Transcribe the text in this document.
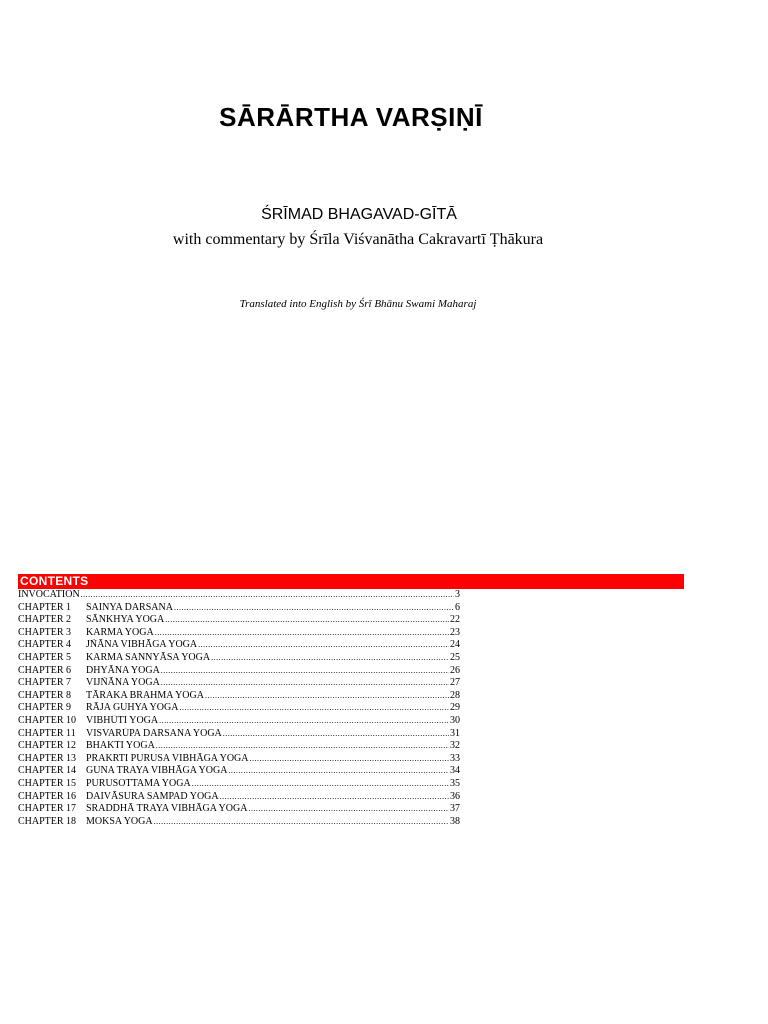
SĀRĀRTHA VARṢIṆĪ
ŚRĪMAD BHAGAVAD-GĪTĀ
with commentary by Śrīla Viśvanātha Cakravartī Ṭhākura
Translated into English by Śrī Bhānu Swami Maharaj
CONTENTS
INVOCATION .....	3
CHAPTER 1	ŚAINYA DARSANA .....	6
CHAPTER 2	SĀNKHYA YOGA .....	22
CHAPTER 3	KARMA YOGA .....	23
CHAPTER 4	JÑĀNA VIBHĀGA YOGA .....	24
CHAPTER 5	KARMA SANNYĀSA YOGA .....	25
CHAPTER 6	DHYĀNA YOGA .....	26
CHAPTER 7	VIJÑĀNA YOGA .....	27
CHAPTER 8	TĀRAKA BRAHMA YOGA .....	28
CHAPTER 9	RĀJA GUHYA YOGA .....	29
CHAPTER 10 VIBHŪTI YOGA .....	30
CHAPTER 11	VISVARŪPA DARSANA YOGA .....	31
CHAPTER 12 BHAKTI YOGA .....	32
CHAPTER 13 PRAKRTI PURUSA VIBHĀGA YOGA .....	33
CHAPTER 14 GUNA TRAYA VIBHĀGA YOGA .....	34
CHAPTER 15 PURUSOTTAMA YOGA .....	35
CHAPTER 16 DAIVĀSURA SAMPAD YOGA .....	36
CHAPTER 17 ŚRADDHĀ TRAYA VIBHĀGA YOGA .....	37
CHAPTER 18 MOKSA YOGA .....	38
